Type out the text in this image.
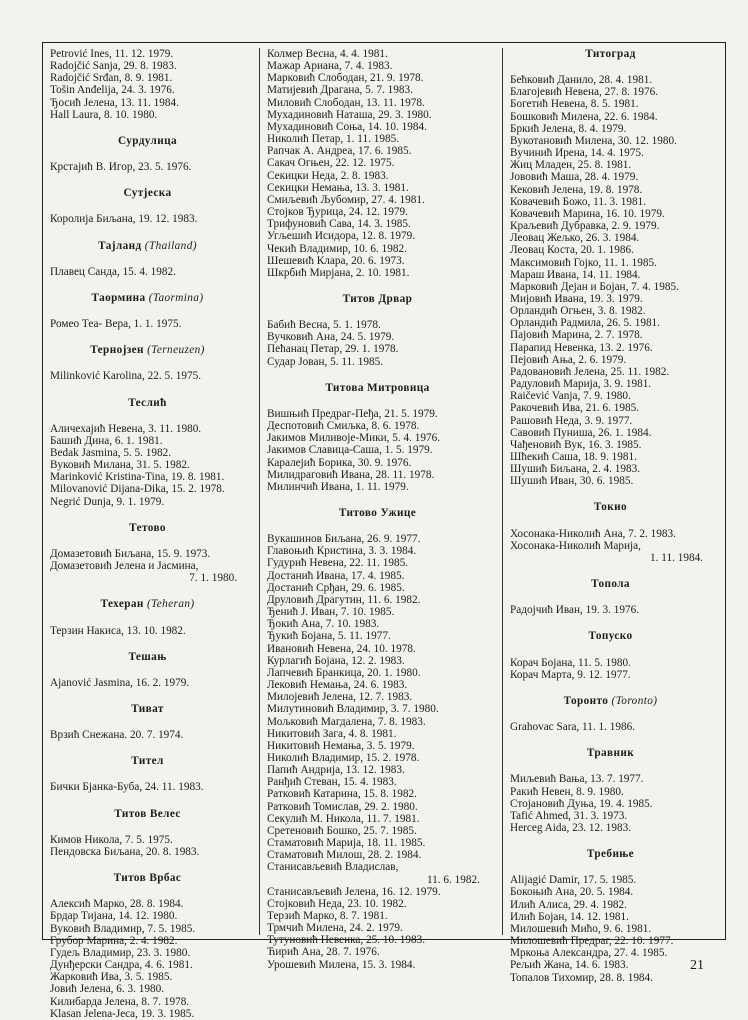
Petrović Ines, 11. 12. 1979.
Radojčić Sanja, 29. 8. 1983.
Radojčić Srđan, 8. 9. 1981.
Tošin Anđelija, 24. 3. 1976.
Ђосић Јелена, 13. 11. 1984.
Hall Laura, 8. 10. 1980.
Сурдулица
Крстајић В. Игор, 23. 5. 1976.
Сутјеска
Королија Биљана, 19. 12. 1983.
Тајланд (Thailand)
Плавец Санда, 15. 4. 1982.
Таормина (Taormina)
Ромео Теа- Вера, 1. 1. 1975.
Тернојзен (Terneuzen)
Milinković Karolina, 22. 5. 1975.
Теслић
Аличехајић Невена, 3. 11. 1980.
Башић Дина, 6. 1. 1981.
Bedak Jasmina, 5. 5. 1982.
Вуковић Милана, 31. 5. 1982.
Marinković Kristina-Tina, 19. 8. 1981.
Milovanović Dijana-Dika, 15. 2. 1978.
Negrić Dunja, 9. 1. 1979.
Тетово
Домазетовић Биљана, 15. 9. 1973.
Домазетовић Јелена и Јасмина,
7. 1. 1980.
Техеран (Teheran)
Терзин Накиса, 13. 10. 1982.
Тешањ
Ajanović Jasmina, 16. 2. 1979.
Тиват
Врзић Снежана. 20. 7. 1974.
Тител
Бички Бјанка-Буба, 24. 11. 1983.
Титов Велес
Кимов Никола, 7. 5. 1975.
Пендовска Биљана, 20. 8. 1983.
Титов Врбас
Алексић Марко, 28. 8. 1984.
Брдар Тијана, 14. 12. 1980.
Вуковић Владимир, 7. 5. 1985.
Грубор Марина, 2. 4. 1982.
Гудељ Владимир, 23. 3. 1980.
Дунђерски Сандра, 4. 6. 1981.
Жарковић Ива, 3. 5. 1985.
Јовић Јелена, 6. 3. 1980.
Килибарда Јелена, 8. 7. 1978.
Klasan Jelena-Jeca, 19. 3. 1985.
Колмер Весна, 4. 4. 1981.
Мажар Ариана, 7. 4. 1983.
Марковић Слободан, 21. 9. 1978.
Матијевић Драгана, 5. 7. 1983.
Миловић Слободан, 13. 11. 1978.
Мухадиновић Наташа, 29. 3. 1980.
Мухадиновић Соња, 14. 10. 1984.
Николић Петар, 1. 11. 1985.
Рапчак А. Андреа, 17. 6. 1985.
Сакач Огњен, 22. 12. 1975.
Секицки Неда, 2. 8. 1983.
Секицки Немања, 13. 3. 1981.
Смиљевић Љубомир, 27. 4. 1981.
Стојков Ђурица, 24. 12. 1979.
Трифуновић Сава, 14. 3. 1985.
Угљешић Исидора, 12. 8. 1979.
Чекић Владимир, 10. 6. 1982.
Шешевић Клара, 20. 6. 1973.
Шкрбић Мирјана, 2. 10. 1981.
Титов Дрвар
Бабић Весна, 5. 1. 1978.
Вучковић Ана, 24. 5. 1979.
Пећанац Петар, 29. 1. 1978.
Судар Јован, 5. 11. 1985.
Титова Митровица
Вишњић Предраг-Пеђа, 21. 5. 1979.
Деспотовић Смиљка, 8. 6. 1978.
Јакимов Миливоје-Мики, 5. 4. 1976.
Јакимов Славица-Саша, 1. 5. 1979.
Каралејић Борика, 30. 9. 1976.
Милидраговић Ивана, 28. 11. 1978.
Милинчић Ивана, 1. 11. 1979.
Титово Ужице
Вукашинов Биљана, 26. 9. 1977.
Главоњић Кристина, 3. 3. 1984.
Гудурић Невена, 22. 11. 1985.
Достанић Ивана, 17. 4. 1985.
Достанић Срђан, 29. 6. 1985.
Друловић Драгутин, 11. 6. 1982.
Ђенић Ј. Иван, 7. 10. 1985.
Ђокић Ана, 7. 10. 1983.
Ђукић Бојана, 5. 11. 1977.
Ивановић Невена, 24. 10. 1978.
Курлагић Бојана, 12. 2. 1983.
Лапчевић Бранкица, 20. 1. 1980.
Лековић Немања, 24. 6. 1983.
Милојевић Јелена, 12. 7. 1983.
Милутиновић Владимир, 3. 7. 1980.
Мољковић Магдалена, 7. 8. 1983.
Никитовић Зага, 4. 8. 1981.
Никитовић Немања, 3. 5. 1979.
Николић Владимир, 15. 2. 1978.
Папић Андрија, 13. 12. 1983.
Ранђић Стеван, 15. 4. 1983.
Ратковић Катарина, 15. 8. 1982.
Ратковић Томислав, 29. 2. 1980.
Секулић М. Никола, 11. 7. 1981.
Сретеновић Бошко, 25. 7. 1985.
Стаматовић Марија, 18. 11. 1985.
Стаматовић Милош, 28. 2. 1984.
Станисављевић Владислав,
11. 6. 1982.
Станисављевић Јелена, 16. 12. 1979.
Стојковић Неда, 23. 10. 1982.
Терзић Марко, 8. 7. 1981.
Трмчић Милена, 24. 2. 1979.
Тутуновић Невенка, 25. 10. 1983.
Ћирић Ана, 28. 7. 1976.
Урошевић Милена, 15. 3. 1984.
Титоград
Бећковић Данило, 28. 4. 1981.
Благојевић Невена, 27. 8. 1976.
Богетић Невена, 8. 5. 1981.
Бошковић Милена, 22. 6. 1984.
Бркић Јелена, 8. 4. 1979.
Вукотановић Милена, 30. 12. 1980.
Вучинић Ирена, 14. 4. 1975.
Жиц Младен, 25. 8. 1981.
Јововић Маша, 28. 4. 1979.
Кековић Јелена, 19. 8. 1978.
Ковачевић Божо, 11. 3. 1981.
Ковачевић Марина, 16. 10. 1979.
Краљевић Дубравка, 2. 9. 1979.
Леовац Жељко, 26. 3. 1984.
Леовац Коста, 20. 1. 1986.
Максимовић Гојко, 11. 1. 1985.
Мараш Ивана, 14. 11. 1984.
Марковић Дејан и Бојан, 7. 4. 1985.
Мијовић Ивана, 19. 3. 1979.
Орландић Огњен, 3. 8. 1982.
Орландић Радмила, 26. 5. 1981.
Пајовић Марина, 2. 7. 1978.
Парапид Невенка, 13. 2. 1976.
Пејовић Ања, 2. 6. 1979.
Радовановић Јелена, 25. 11. 1982.
Радуловић Марија, 3. 9. 1981.
Raičević Vanja, 7. 9. 1980.
Ракочевић Ива, 21. 6. 1985.
Рашовић Неда, 3. 9. 1977.
Савовић Пуниша, 26. 1. 1984.
Чађеновић Вук, 16. 3. 1985.
Шћекић Саша, 18. 9. 1981.
Шушић Биљана, 2. 4. 1983.
Шушић Иван, 30. 6. 1985.
Токио
Хосонака-Николић Ана, 7. 2. 1983.
Хосонака-Николић Марија,
1. 11. 1984.
Топола
Радојчић Иван, 19. 3. 1976.
Топуско
Корач Бојана, 11. 5. 1980.
Корач Марта, 9. 12. 1977.
Торонто (Toronto)
Grahovac Sara, 11. 1. 1986.
Травник
Миљевић Вања, 13. 7. 1977.
Ракић Невен, 8. 9. 1980.
Стојановић Дуња, 19. 4. 1985.
Tafić Ahmed, 31. 3. 1973.
Herceg Aida, 23. 12. 1983.
Требиње
Alijagić Damir, 17. 5. 1985.
Бокоњић Ана, 20. 5. 1984.
Илић Алиса, 29. 4. 1982.
Илић Бојан, 14. 12. 1981.
Милошевић Мићо, 9. 6. 1981.
Милошевић Предраг, 22. 10. 1977.
Мркоња Александра, 27. 4. 1985.
Рељић Жана, 14. 6. 1983.
Топалов Тихомир, 28. 8. 1984.
21
